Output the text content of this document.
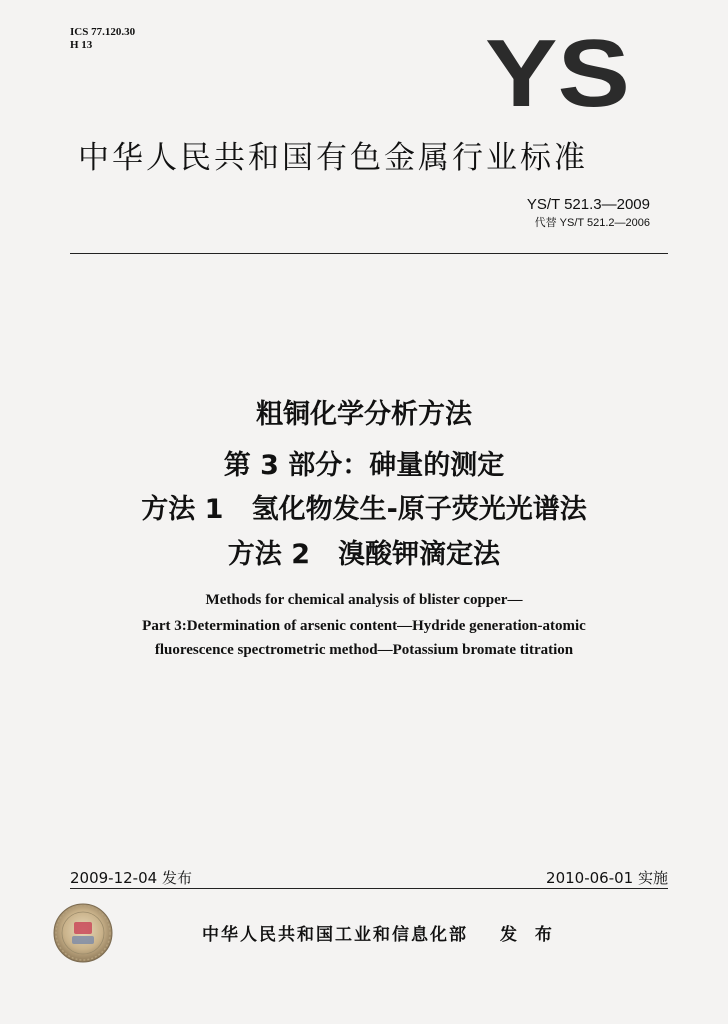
ICS 77.120.30
H 13	YS
中华人民共和国有色金属行业标准
YS/T 521.3—2009
代替 YS/T 521.2—2006
粗铜化学分析方法
第 3 部分：砷量的测定
方法 1   氢化物发生-原子荧光光谱法
方法 2   溴酸钾滴定法
Methods for chemical analysis of blister copper—
Part 3:Determination of arsenic content—Hydride generation-atomic
fluorescence spectrometric method—Potassium bromate titration
2009-12-04 发布	2010-06-01 实施
中华人民共和国工业和信息化部 发 布
